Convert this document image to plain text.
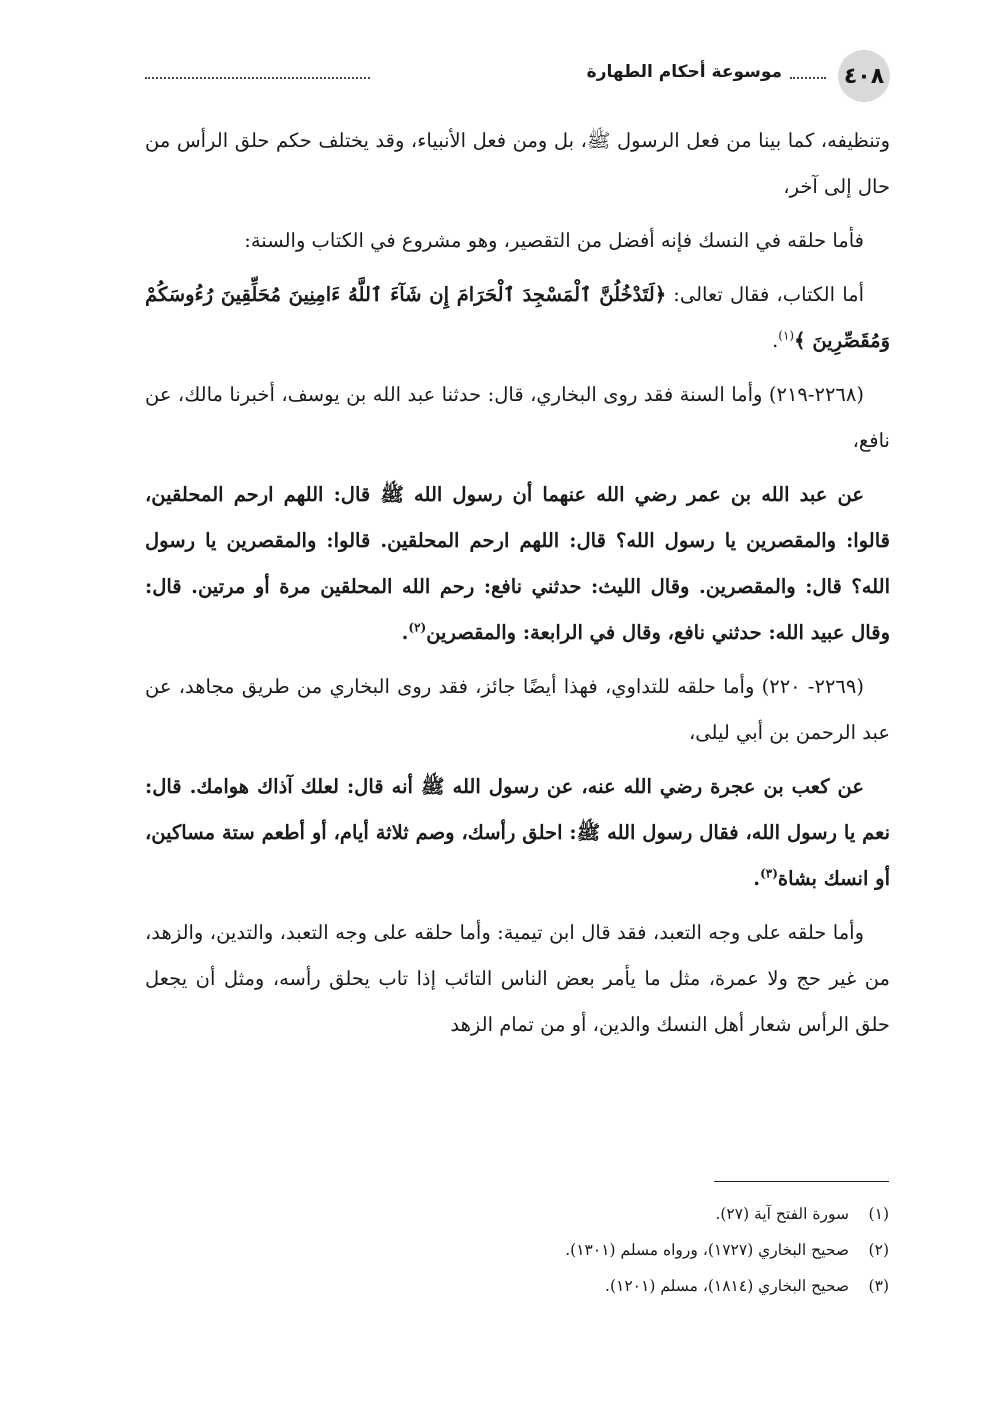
٤٠٨
موسوعة أحكام الطهارة

وتنظيفه، كما بينا من فعل الرسول ﷺ، بل ومن فعل الأنبياء، وقد يختلف حكم حلق الرأس من حال إلى آخر،

فأما حلقه في النسك فإنه أفضل من التقصير، وهو مشروع في الكتاب والسنة:

أما الكتاب، فقال تعالى: ﴿لَتَدْخُلُنَّ ٱلْمَسْجِدَ ٱلْحَرَامَ إِن شَآءَ ٱللَّهُ ءَامِنِينَ مُحَلِّقِينَ رُءُوسَكُمْ وَمُقَصِّرِينَ ﴾$^{(١)}$.

(٢٢٦٨-٢١٩) وأما السنة فقد روى البخاري، قال: حدثنا عبد الله بن يوسف، أخبرنا مالك، عن نافع،

عن عبد الله بن عمر رضي الله عنهما أن رسول الله ﷺ قال: اللهم ارحم المحلقين، قالوا: والمقصرين يا رسول الله؟ قال: اللهم ارحم المحلقين. قالوا: والمقصرين يا رسول الله؟ قال: والمقصرين. وقال الليث: حدثني نافع: رحم الله المحلقين مرة أو مرتين. قال: وقال عبيد الله: حدثني نافع، وقال في الرابعة: والمقصرين$^{(٢)}$.

(٢٢٦٩- ٢٢٠) وأما حلقه للتداوي، فهذا أيضًا جائز، فقد روى البخاري من طريق مجاهد، عن عبد الرحمن بن أبي ليلى،

عن كعب بن عجرة رضي الله عنه، عن رسول الله ﷺ أنه قال: لعلك آذاك هوامك. قال: نعم يا رسول الله، فقال رسول الله ﷺ: احلق رأسك، وصم ثلاثة أيام، أو أطعم ستة مساكين، أو انسك بشاة$^{(٣)}$.

وأما حلقه على وجه التعبد، فقد قال ابن تيمية: وأما حلقه على وجه التعبد، والتدين، والزهد، من غير حج ولا عمرة، مثل ما يأمر بعض الناس التائب إذا تاب يحلق رأسه، ومثل أن يجعل حلق الرأس شعار أهل النسك والدين، أو من تمام الزهد

(١)
سورة الفتح آية (٢٧).
(٢)
صحيح البخاري (١٧٢٧)، ورواه مسلم (١٣٠١).
(٣)
صحيح البخاري (١٨١٤)، مسلم (١٢٠١).
